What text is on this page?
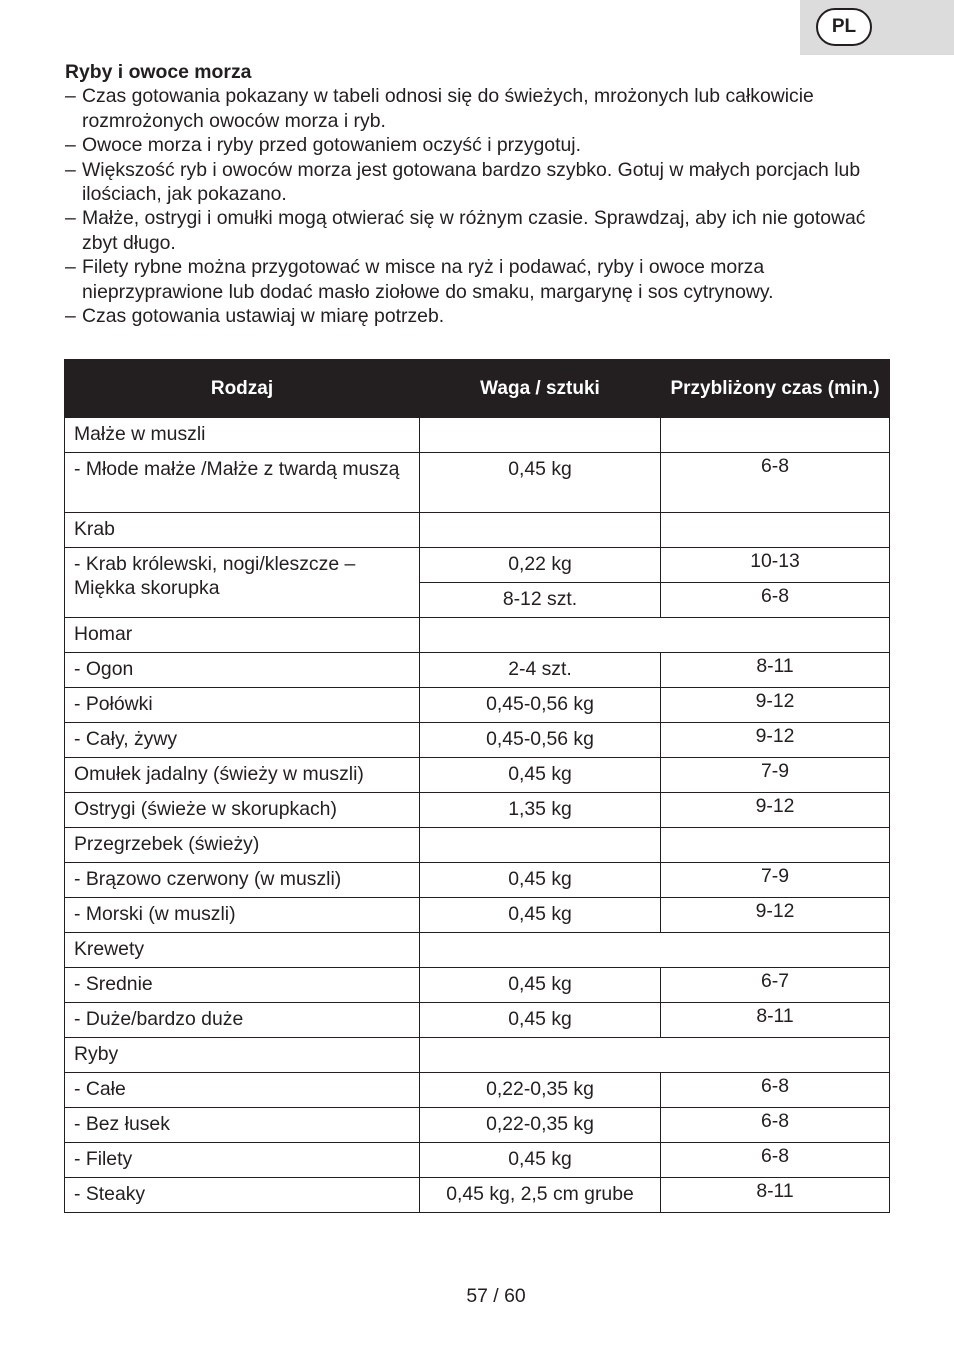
PL
Ryby i owoce morza
– Czas gotowania pokazany w tabeli odnosi się do świeżych, mrożonych lub całkowicie rozmrożonych owoców morza i ryb.
– Owoce morza i ryby przed gotowaniem oczyść i przygotuj.
– Większość ryb i owoców morza jest gotowana bardzo szybko. Gotuj w małych porcjach lub ilościach, jak pokazano.
– Małże, ostrygi i omułki mogą otwierać się w różnym czasie. Sprawdzaj, aby ich nie gotować zbyt długo.
– Filety rybne można przygotować w misce na ryż i podawać, ryby i owoce morza nieprzyprawione lub dodać masło ziołowe do smaku, margarynę i sos cytrynowy.
– Czas gotowania ustawiaj w miarę potrzeb.
Rodzaj	Waga / sztuki	Przybliżony czas (min.)
Małże w muszli		
- Młode małże /Małże z twardą muszą	0,45 kg	6-8
Krab		
- Krab królewski, nogi/kleszcze – Miękka skorupka	0,22 kg	10-13
	8-12 szt.	6-8
Homar		
- Ogon	2-4 szt.	8-11
- Połówki	0,45-0,56 kg	9-12
- Cały, żywy	0,45-0,56 kg	9-12
Omułek jadalny (świeży w muszli)	0,45 kg	7-9
Ostrygi (świeże w skorupkach)	1,35 kg	9-12
Przegrzebek (świeży)		
- Brązowo czerwony (w muszli)	0,45 kg	7-9
- Morski (w muszli)	0,45 kg	9-12
Krewety		
- Srednie	0,45 kg	6-7
- Duże/bardzo duże	0,45 kg	8-11
Ryby		
- Całe	0,22-0,35 kg	6-8
- Bez łusek	0,22-0,35 kg	6-8
- Filety	0,45 kg	6-8
- Steaky	0,45 kg, 2,5 cm grube	8-11
57 / 60
